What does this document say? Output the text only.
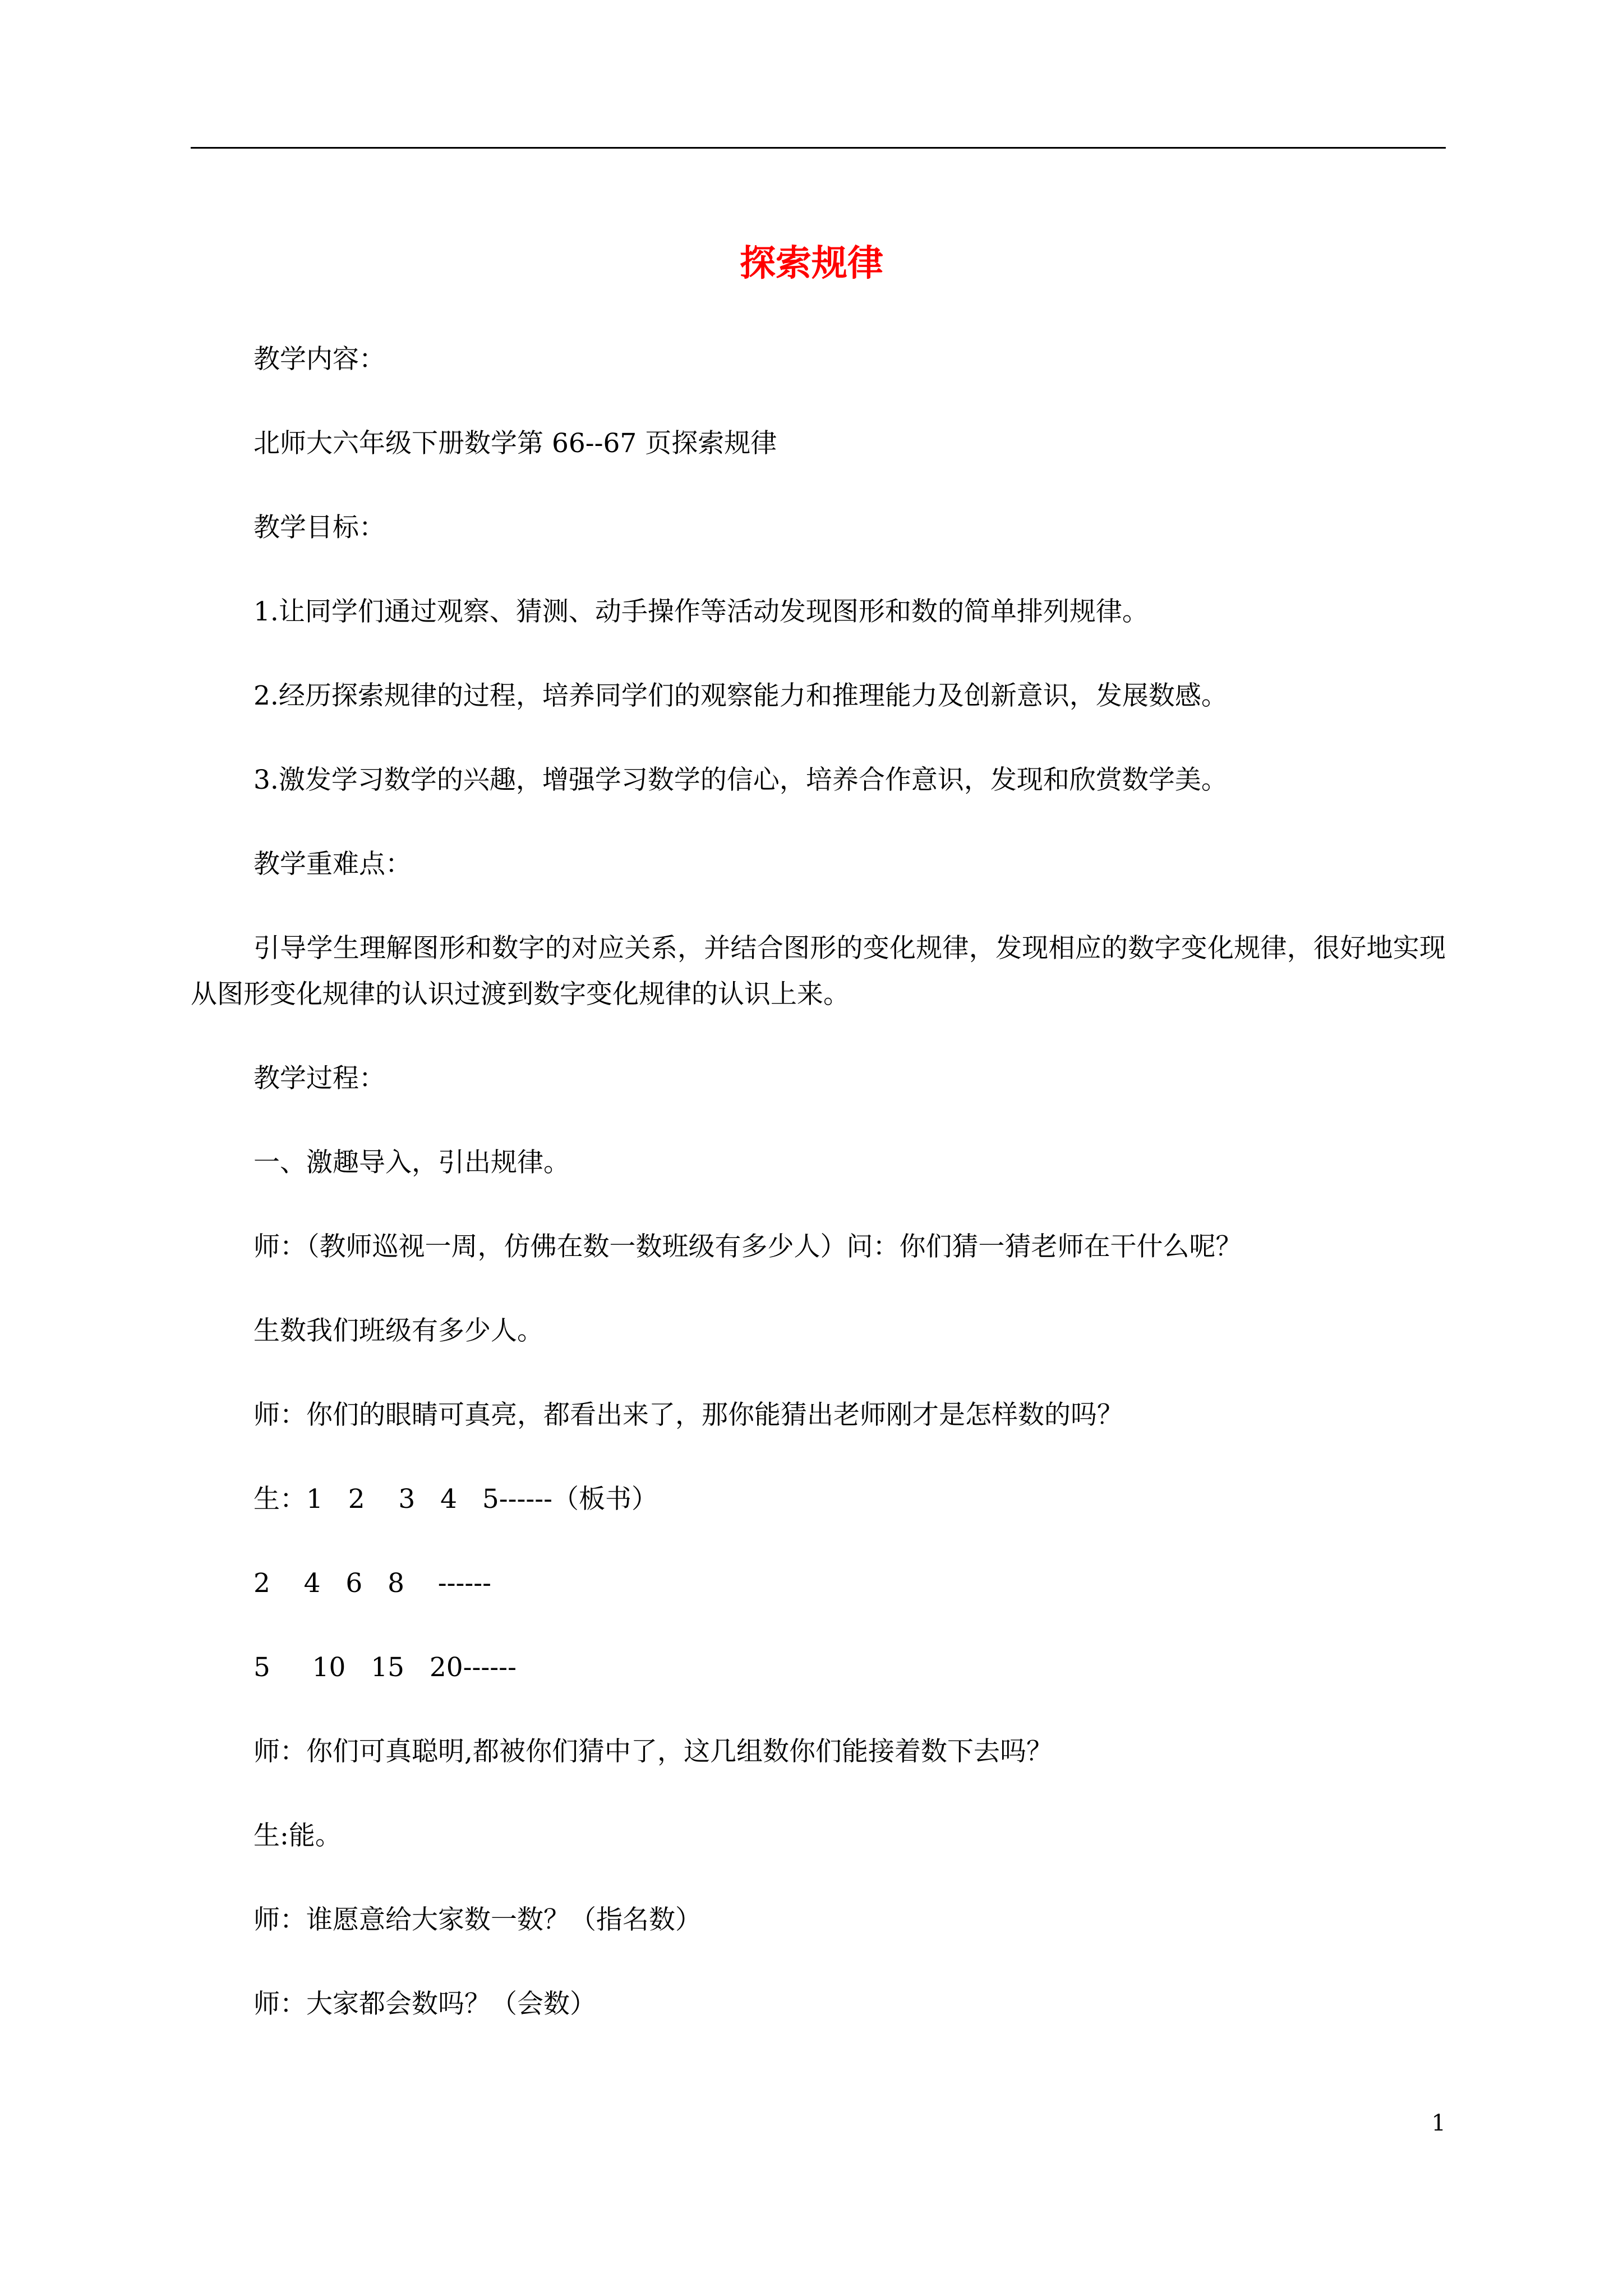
探索规律

教学内容：

北师大六年级下册数学第 66--67 页探索规律

教学目标：

1.让同学们通过观察、猜测、动手操作等活动发现图形和数的简单排列规律。

2.经历探索规律的过程，培养同学们的观察能力和推理能力及创新意识，发展数感。

3.激发学习数学的兴趣，增强学习数学的信心，培养合作意识，发现和欣赏数学美。

教学重难点：

引导学生理解图形和数字的对应关系，并结合图形的变化规律，发现相应的数字变化规律，很好地实现从图形变化规律的认识过渡到数字变化规律的认识上来。

教学过程：

一、激趣导入，引出规律。

师：（教师巡视一周，仿佛在数一数班级有多少人）问：你们猜一猜老师在干什么呢？

生数我们班级有多少人。

师：你们的眼睛可真亮，都看出来了，那你能猜出老师刚才是怎样数的吗？

生：1   2    3   4   5------（板书）

2    4   6   8    ------

5     10   15   20------

师：你们可真聪明,都被你们猜中了，这几组数你们能接着数下去吗？

生:能。

师：谁愿意给大家数一数？（指名数）

师：大家都会数吗？（会数）

1
